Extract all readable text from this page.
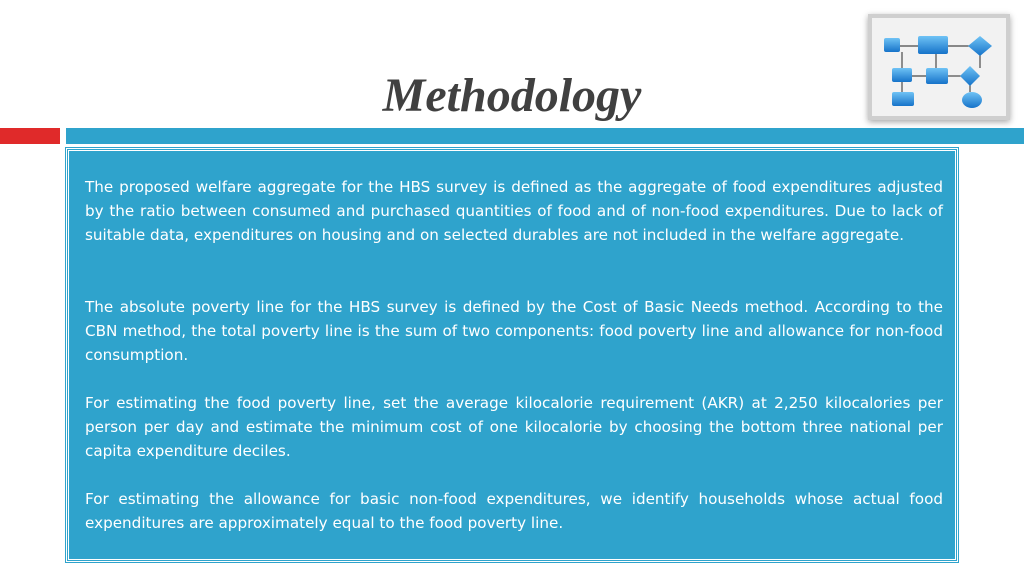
Methodology

The proposed welfare aggregate for the HBS survey is defined as the aggregate of food expenditures adjusted by the ratio between consumed and purchased quantities of food and of non-food expenditures. Due to lack of suitable data, expenditures on housing and on selected durables are not included in the welfare aggregate.

The absolute poverty line for the HBS survey is defined by the Cost of Basic Needs method. According to the CBN method, the total poverty line is the sum of two components: food poverty line and allowance for non-food consumption.

For estimating the food poverty line, set the average kilocalorie requirement (AKR) at 2,250 kilocalories per person per day and estimate the minimum cost of one kilocalorie by choosing the bottom three national per capita expenditure deciles.

For estimating the allowance for basic non-food expenditures, we identify households whose actual food expenditures are approximately equal to the food poverty line.
